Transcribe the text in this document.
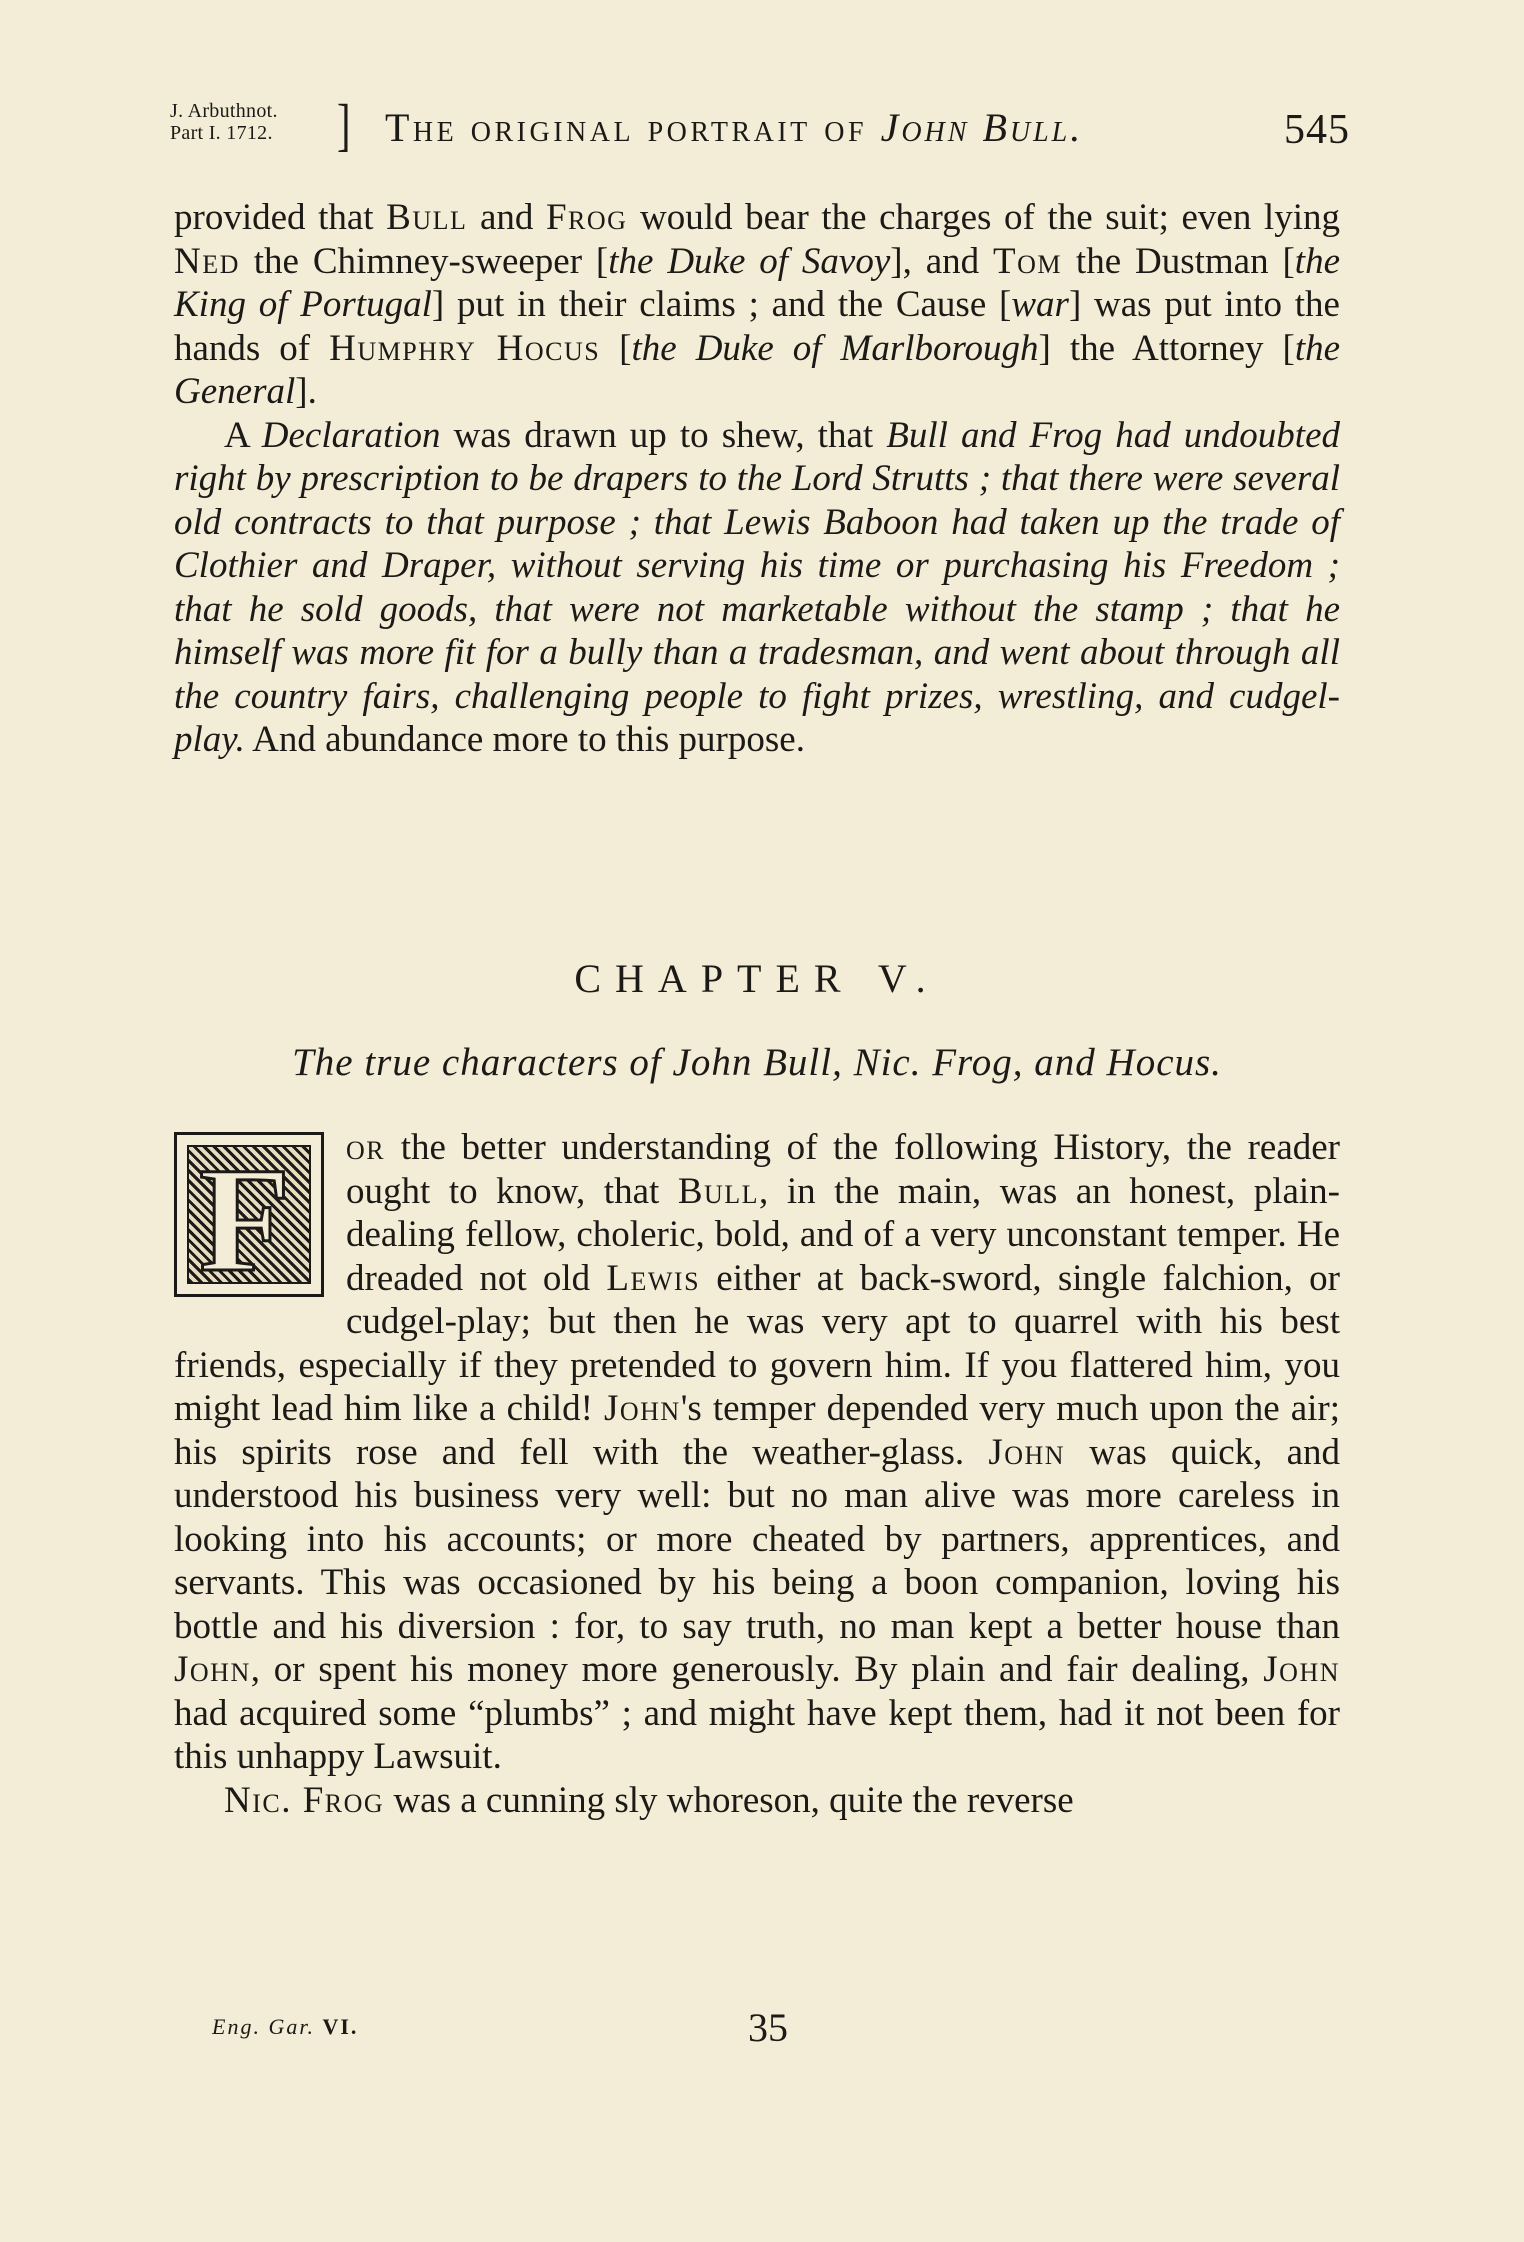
J. Arbuthnot.
Part I. 1712.	] The original portrait of John Bull.	545

provided that Bull and Frog would bear the charges of the suit; even lying Ned the Chimney-sweeper [the Duke of Savoy], and Tom the Dustman [the King of Portugal] put in their claims ; and the Cause [war] was put into the hands of Humphry Hocus [the Duke of Marlborough] the Attorney [the General].

A Declaration was drawn up to shew, that Bull and Frog had undoubted right by prescription to be drapers to the Lord Strutts ; that there were several old contracts to that purpose ; that Lewis Baboon had taken up the trade of Clothier and Draper, without serving his time or purchasing his Freedom ; that he sold goods, that were not marketable without the stamp ; that he himself was more fit for a bully than a tradesman, and went about through all the country fairs, challenging people to fight prizes, wrestling, and cudgel-play. And abundance more to this purpose.

CHAPTER V.
The true characters of John Bull, Nic. Frog, and Hocus.

F or the better understanding of the following History, the reader ought to know, that Bull, in the main, was an honest, plain-dealing fellow, choleric, bold, and of a very unconstant temper. He dreaded not old Lewis either at back-sword, single falchion, or cudgel-play; but then he was very apt to quarrel with his best friends, especially if they pretended to govern him. If you flattered him, you might lead him like a child! John's temper depended very much upon the air; his spirits rose and fell with the weather-glass. John was quick, and understood his business very well: but no man alive was more careless in looking into his accounts; or more cheated by partners, apprentices, and servants. This was occasioned by his being a boon companion, loving his bottle and his diversion : for, to say truth, no man kept a better house than John, or spent his money more generously. By plain and fair dealing, John had acquired some “plumbs” ; and might have kept them, had it not been for this unhappy Lawsuit.

Nic. Frog was a cunning sly whoreson, quite the reverse

Eng. Gar. VI.	35
